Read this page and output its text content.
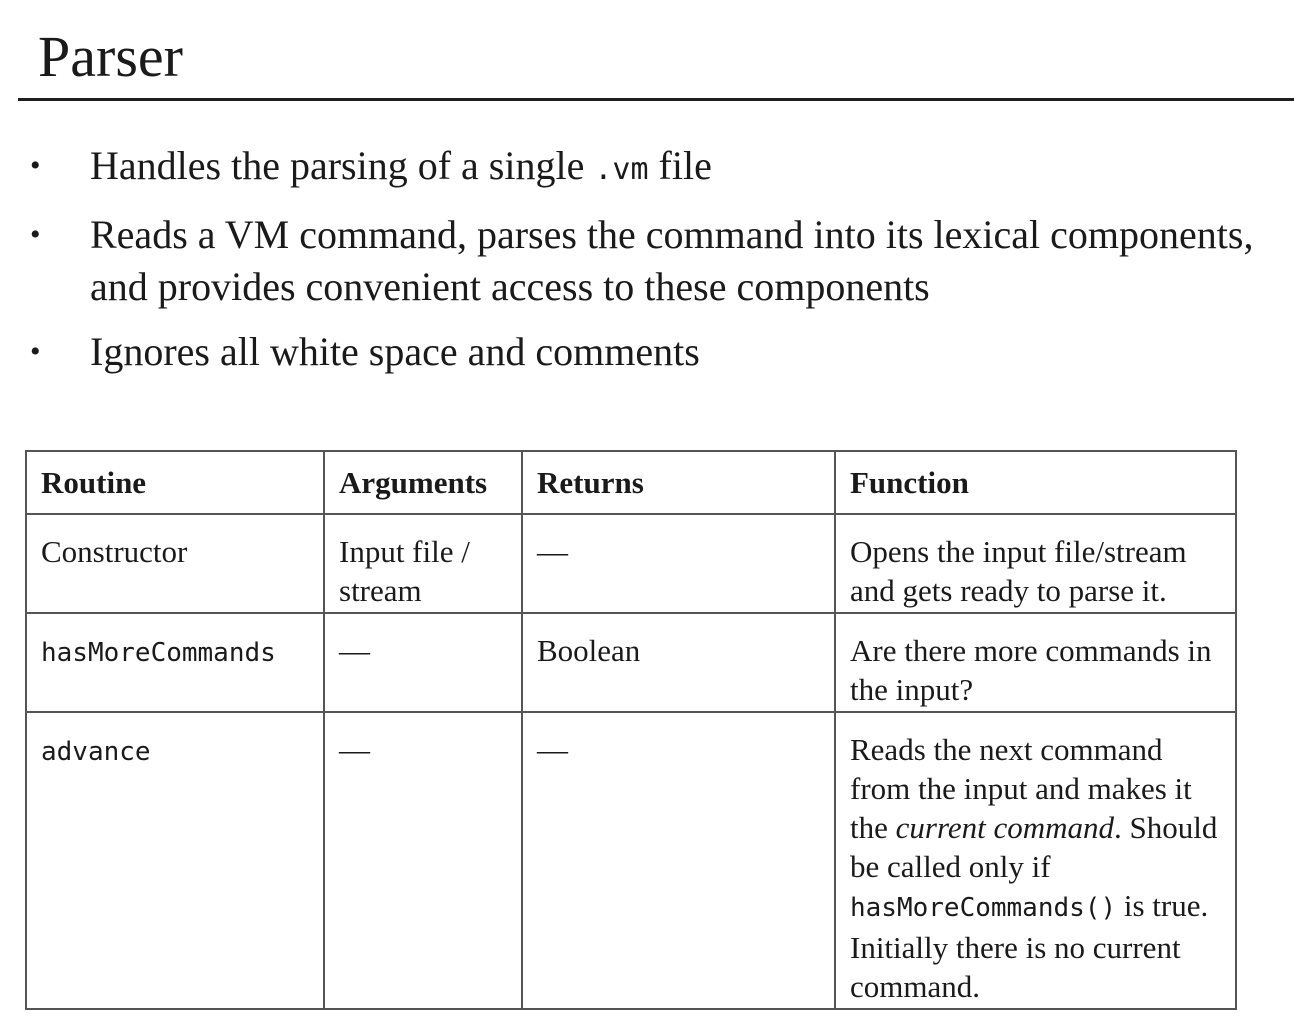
Parser
• Handles the parsing of a single .vm file
• Reads a VM command, parses the command into its lexical components, and provides convenient access to these components
• Ignores all white space and comments
Routine	Arguments	Returns	Function
Constructor	Input file / stream	—	Opens the input file/stream and gets ready to parse it.
hasMoreCommands	—	Boolean	Are there more commands in the input?
advance	—	—	Reads the next command from the input and makes it the current command. Should be called only if hasMoreCommands() is true. Initially there is no current command.
